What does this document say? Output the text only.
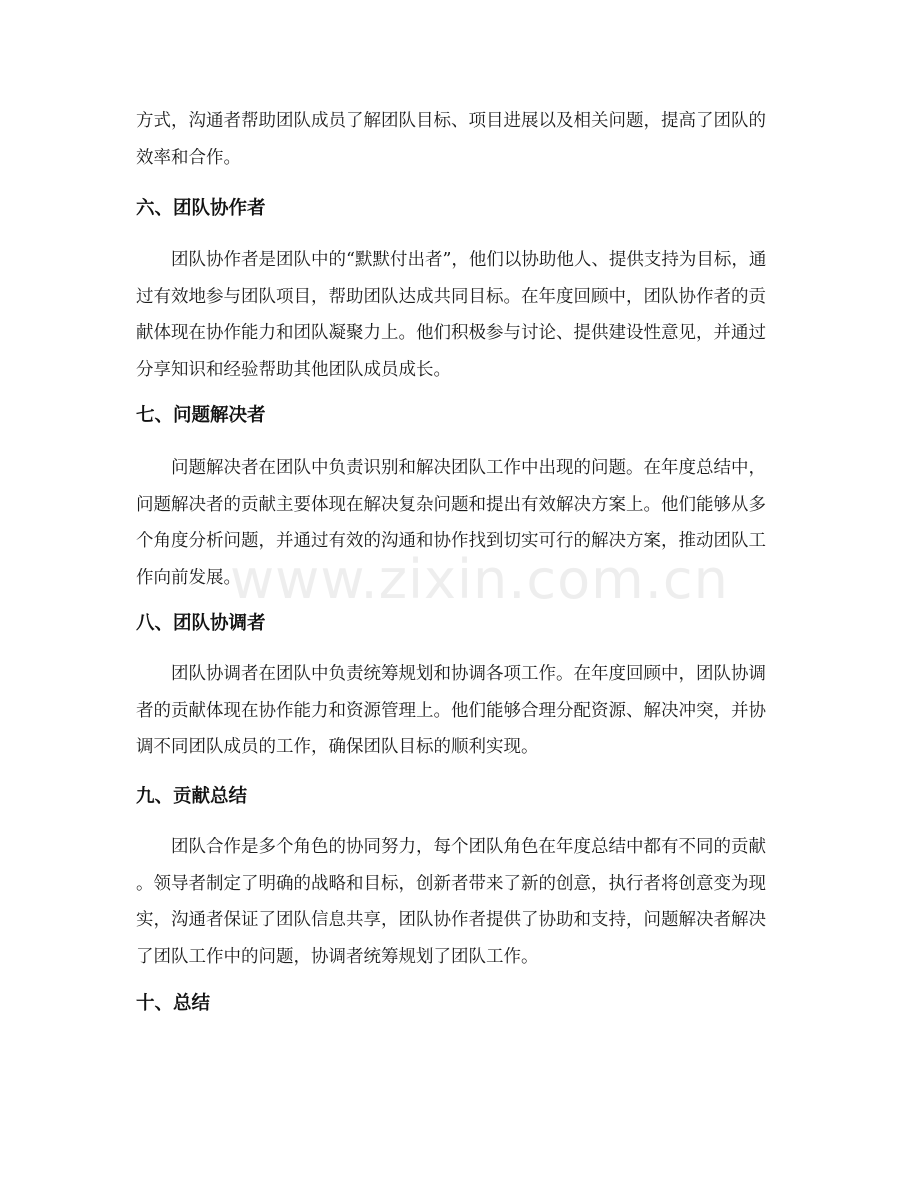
www.zixin.com.cn
方式，沟通者帮助团队成员了解团队目标、项目进展以及相关问题，提高了团队的
效率和合作。
六、团队协作者
团队协作者是团队中的“默默付出者”，他们以协助他人、提供支持为目标，通
过有效地参与团队项目，帮助团队达成共同目标。在年度回顾中，团队协作者的贡
献体现在协作能力和团队凝聚力上。他们积极参与讨论、提供建设性意见，并通过
分享知识和经验帮助其他团队成员成长。
七、问题解决者
问题解决者在团队中负责识别和解决团队工作中出现的问题。在年度总结中，
问题解决者的贡献主要体现在解决复杂问题和提出有效解决方案上。他们能够从多
个角度分析问题，并通过有效的沟通和协作找到切实可行的解决方案，推动团队工
作向前发展。
八、团队协调者
团队协调者在团队中负责统筹规划和协调各项工作。在年度回顾中，团队协调
者的贡献体现在协作能力和资源管理上。他们能够合理分配资源、解决冲突，并协
调不同团队成员的工作，确保团队目标的顺利实现。
九、贡献总结
团队合作是多个角色的协同努力，每个团队角色在年度总结中都有不同的贡献
。领导者制定了明确的战略和目标，创新者带来了新的创意，执行者将创意变为现
实，沟通者保证了团队信息共享，团队协作者提供了协助和支持，问题解决者解决
了团队工作中的问题，协调者统筹规划了团队工作。
十、总结
